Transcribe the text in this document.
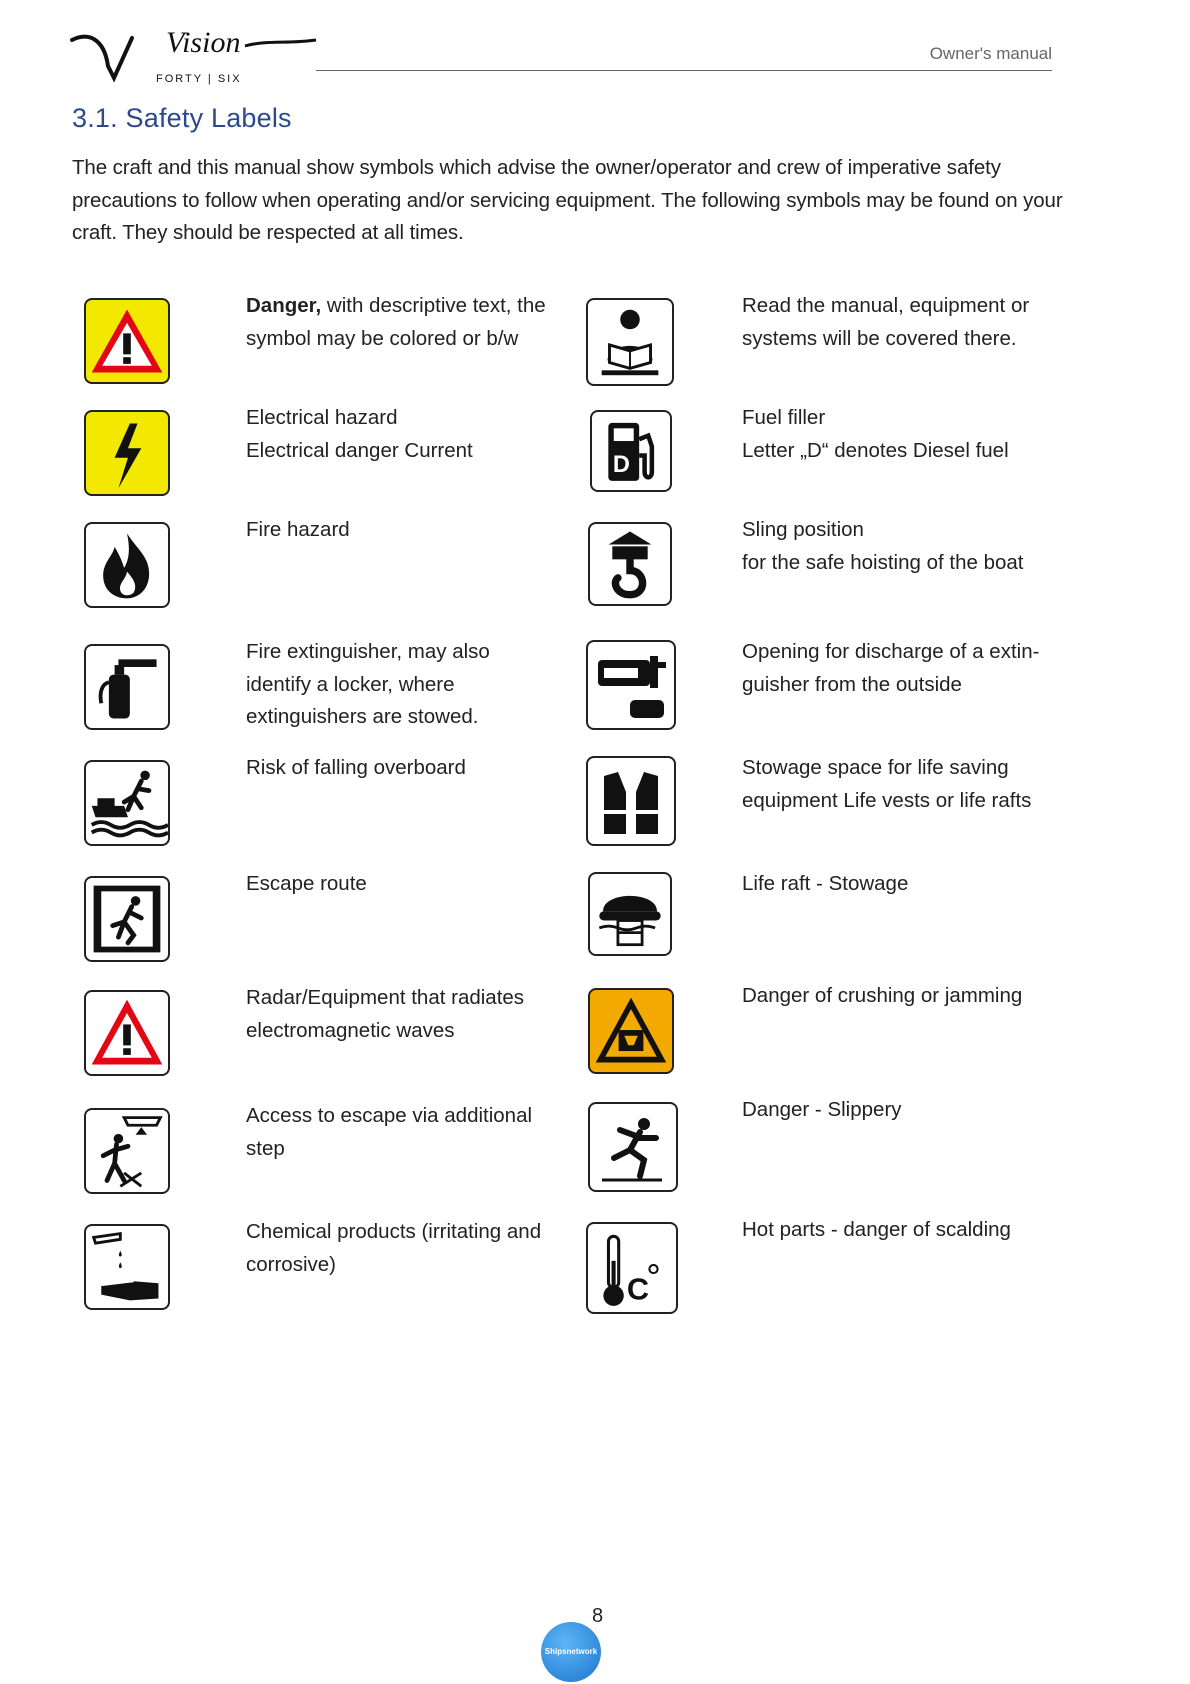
Vision
FORTY | SIX
Owner's manual
3.1. Safety Labels
The craft and this manual show symbols which advise the owner/operator and crew of imperative safety precautions to follow when operating and/or servicing equipment. The following symbols may be found on your craft. They should be respected at all times.
Danger, with descriptive text, the symbol may be colored or b/w
Electrical hazard
Electrical danger Current
Fire hazard
Fire extinguisher, may also identify a locker, where extinguishers are stowed.
Risk of falling overboard
Escape route
Radar/Equipment that radiates electromagnetic waves
Access to escape via additional step
Chemical products (irritating and corrosive)
Read the manual, equipment or systems will be covered there.
D
Fuel filler
Letter „D“ denotes Diesel fuel
Sling position
for the safe hoisting of the boat
Opening for discharge of a extin-guisher from the outside
Stowage space for life saving equipment Life vests or life rafts
Life raft - Stowage
Danger of crushing or jamming
Danger - Slippery
C
Hot parts - danger of scalding
8
Shipsnetwork
